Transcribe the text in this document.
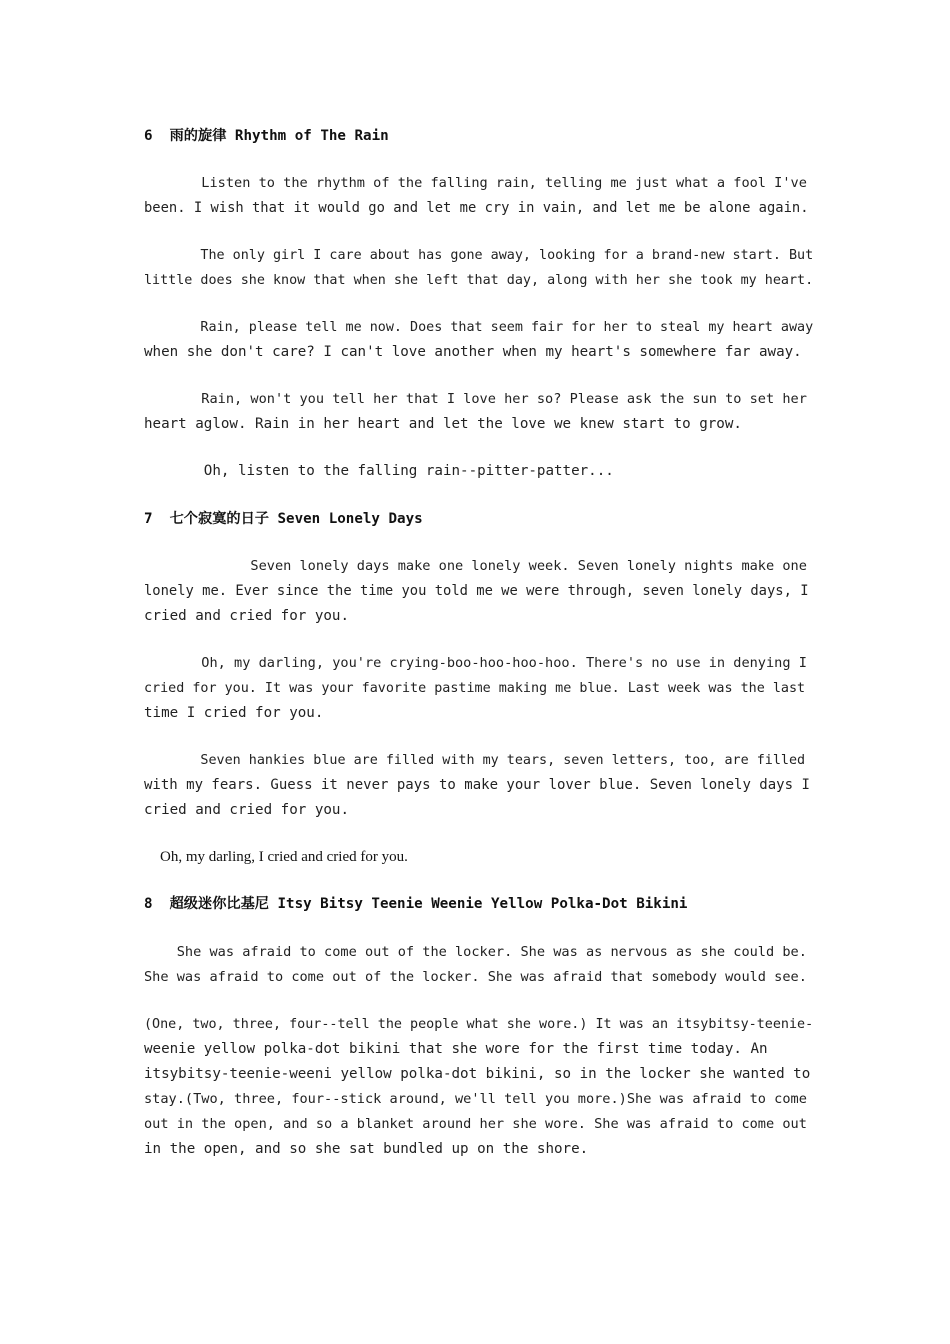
6  雨的旋律 Rhythm of The Rain
Listen to the rhythm of the falling rain, telling me just what a fool I've
been. I wish that it would go and let me cry in vain, and let me be alone again.
The only girl I care about has gone away, looking for a brand-new start. But
little does she know that when she left that day, along with her she took my heart.
Rain, please tell me now. Does that seem fair for her to steal my heart away
when she don't care? I can't love another when my heart's somewhere far away.
Rain, won't you tell her that I love her so? Please ask the sun to set her
heart aglow. Rain in her heart and let the love we knew start to grow.
Oh, listen to the falling rain--pitter-patter...
7  七个寂寞的日子 Seven Lonely Days
Seven lonely days make one lonely week. Seven lonely nights make one
lonely me. Ever since the time you told me we were through, seven lonely days, I
cried and cried for you.
Oh, my darling, you're crying-boo-hoo-hoo-hoo. There's no use in denying I
cried for you. It was your favorite pastime making me blue. Last week was the last
time I cried for you.
Seven hankies blue are filled with my tears, seven letters, too, are filled
with my fears. Guess it never pays to make your lover blue. Seven lonely days I
cried and cried for you.
Oh, my darling, I cried and cried for you.
8  超级迷你比基尼 Itsy Bitsy Teenie Weenie Yellow Polka-Dot Bikini
She was afraid to come out of the locker. She was as nervous as she could be.
She was afraid to come out of the locker. She was afraid that somebody would see.
(One, two, three, four--tell the people what she wore.) It was an itsybitsy-teenie-
weenie yellow polka-dot bikini that she wore for the first time today. An
itsybitsy-teenie-weeni yellow polka-dot bikini, so in the locker she wanted to
stay.(Two, three, four--stick around, we'll tell you more.)She was afraid to come
out in the open, and so a blanket around her she wore. She was afraid to come out
in the open, and so she sat bundled up on the shore.
